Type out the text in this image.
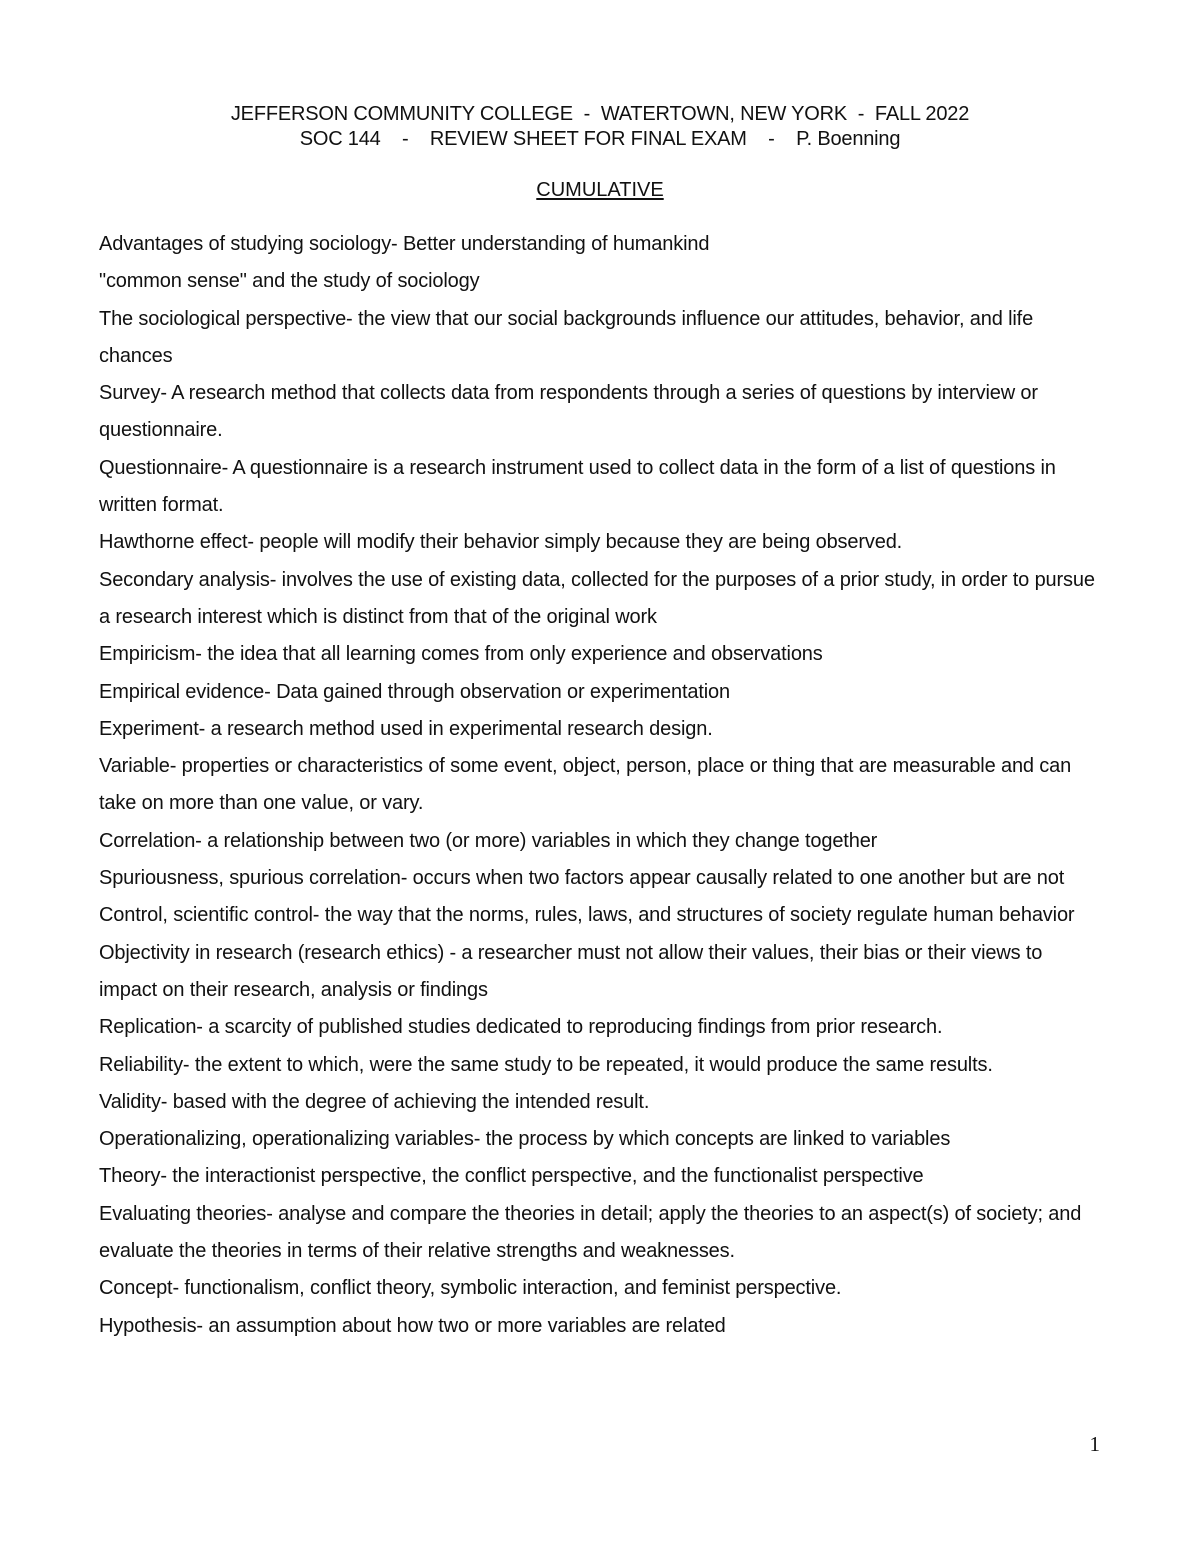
JEFFERSON COMMUNITY COLLEGE  -  WATERTOWN, NEW YORK  -  FALL 2022
SOC 144    -    REVIEW SHEET FOR FINAL EXAM    -    P. Boenning
CUMULATIVE

Advantages of studying sociology- Better understanding of humankind

"common sense" and the study of sociology

The sociological perspective- the view that our social backgrounds influence our attitudes, behavior, and life chances

Survey- A research method that collects data from respondents through a series of questions by interview or questionnaire.

Questionnaire- A questionnaire is a research instrument used to collect data in the form of a list of questions in written format.

Hawthorne effect- people will modify their behavior simply because they are being observed.

Secondary analysis- involves the use of existing data, collected for the purposes of a prior study, in order to pursue a research interest which is distinct from that of the original work

Empiricism- the idea that all learning comes from only experience and observations

Empirical evidence- Data gained through observation or experimentation

Experiment- a research method used in experimental research design.

Variable- properties or characteristics of some event, object, person, place or thing that are measurable and can take on more than one value, or vary.

Correlation- a relationship between two (or more) variables in which they change together

Spuriousness, spurious correlation- occurs when two factors appear causally related to one another but are not

Control, scientific control- the way that the norms, rules, laws, and structures of society regulate human behavior

Objectivity in research (research ethics) - a researcher must not allow their values, their bias or their views to impact on their research, analysis or findings

Replication- a scarcity of published studies dedicated to reproducing findings from prior research.

Reliability- the extent to which, were the same study to be repeated, it would produce the same results.

Validity- based with the degree of achieving the intended result.

Operationalizing, operationalizing variables- the process by which concepts are linked to variables

Theory- the interactionist perspective, the conflict perspective, and the functionalist perspective

Evaluating theories- analyse and compare the theories in detail; apply the theories to an aspect(s) of society; and evaluate the theories in terms of their relative strengths and weaknesses.

Concept- functionalism, conflict theory, symbolic interaction, and feminist perspective.

Hypothesis- an assumption about how two or more variables are related

1
